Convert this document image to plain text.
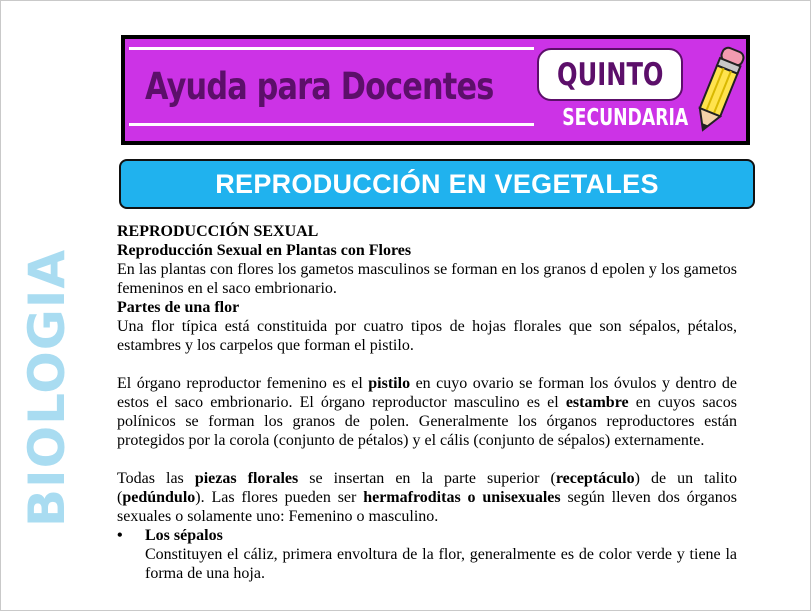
BIOLOGIA
Ayuda para Docentes QUINTO
SECUNDARIA
REPRODUCCIÓN EN VEGETALES

REPRODUCCIÓN SEXUAL

Reproducción Sexual en Plantas con Flores

En las plantas con flores los gametos masculinos se forman en los granos d epolen y los gametos femeninos en el saco embrionario.

Partes de una flor

Una flor típica está constituida por cuatro tipos de hojas florales que son sépalos, pétalos, estambres y los carpelos que forman el pistilo.

El órgano reproductor femenino es el pistilo en cuyo ovario se forman los óvulos y dentro de estos el saco embrionario. El órgano reproductor masculino es el estambre en cuyos sacos polínicos se forman los granos de polen. Generalmente los órganos reproductores están protegidos por la corola (conjunto de pétalos) y el cális (conjunto de sépalos) externamente.

Todas las piezas florales se insertan en la parte superior (receptáculo) de un talito (pedúndulo). Las flores pueden ser hermafroditas o unisexuales según lleven dos órganos sexuales o solamente uno: Femenino o masculino.

•	Los sépalos

Constituyen el cáliz, primera envoltura de la flor, generalmente es de color verde y tiene la forma de una hoja.
